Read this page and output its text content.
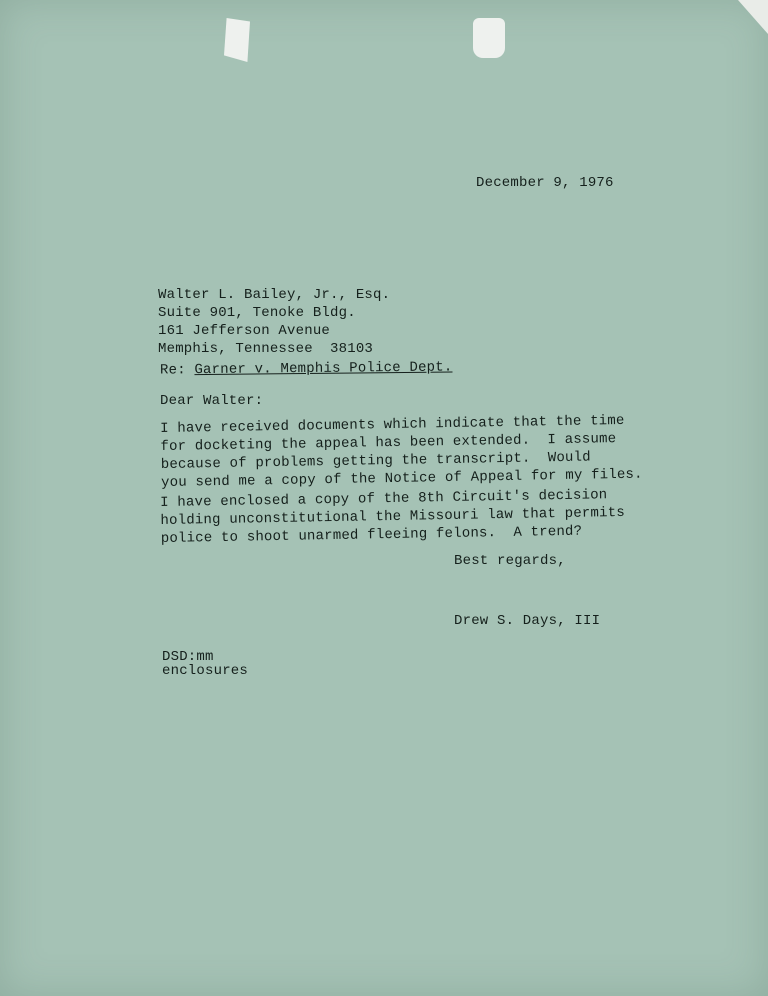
December 9, 1976
Walter L. Bailey, Jr., Esq.
Suite 901, Tenoke Bldg.
161 Jefferson Avenue
Memphis, Tennessee  38103
Re: Garner v. Memphis Police Dept.
Dear Walter:
I have received documents which indicate that the time
for docketing the appeal has been extended.  I assume
because of problems getting the transcript.  Would
you send me a copy of the Notice of Appeal for my files.
I have enclosed a copy of the 8th Circuit's decision
holding unconstitutional the Missouri law that permits
police to shoot unarmed fleeing felons.  A trend?
Best regards,
Drew S. Days, III
DSD:mm
enclosures
